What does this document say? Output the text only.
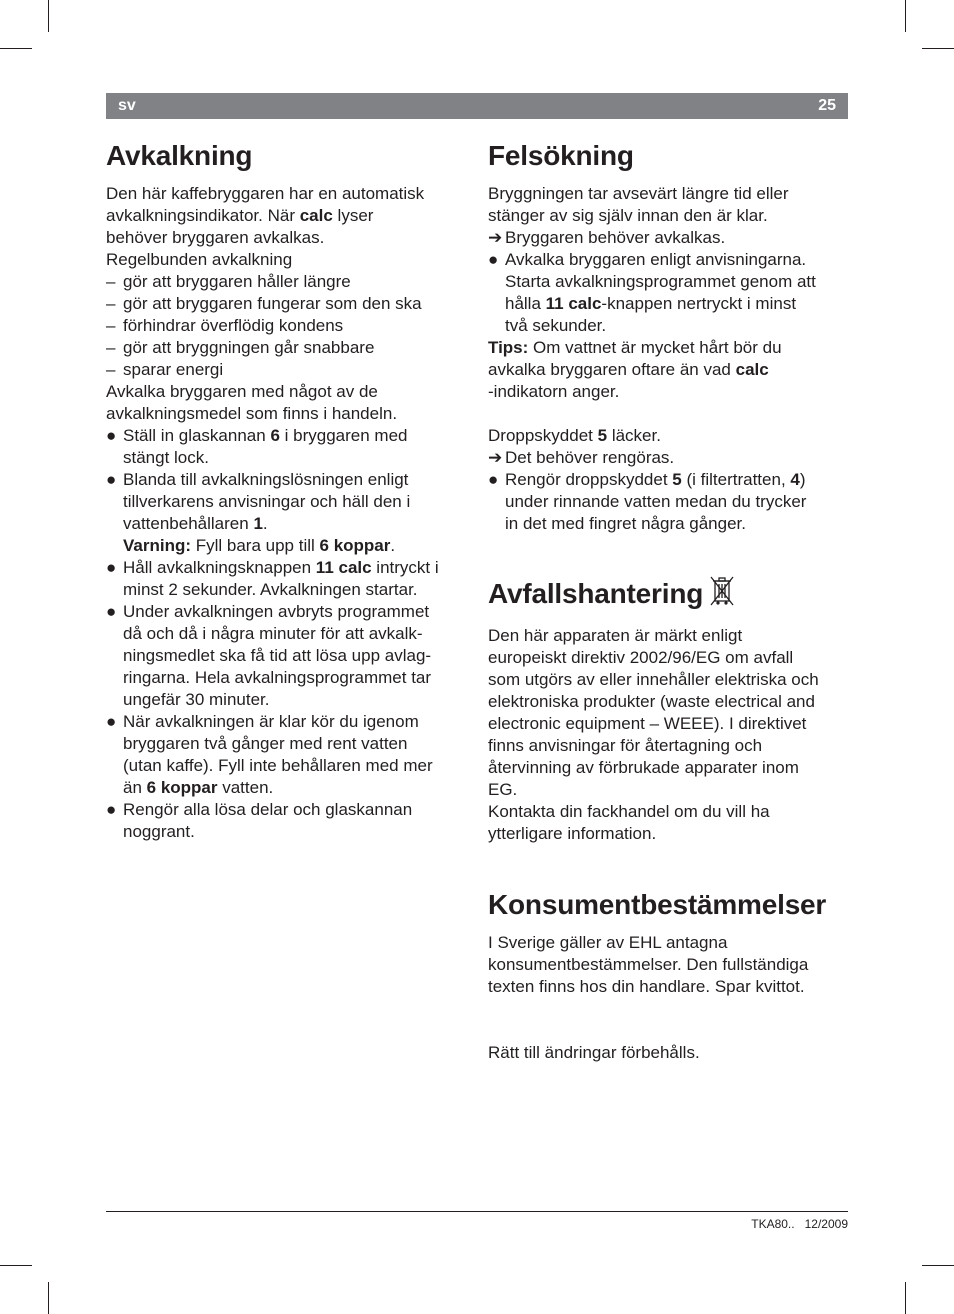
sv	25
Avkalkning

Den här kaffebryggaren har en automatisk

avkalkningsindikator. När calc lyser

behöver bryggaren avkalkas.

Regelbunden avkalkning

– gör att bryggaren håller längre
– gör att bryggaren fungerar som den ska
– förhindrar överflödig kondens
– gör att bryggningen går snabbare
– sparar energi

Avkalka bryggaren med något av de

avkalkningsmedel som finns i handeln.

● Ställ in glaskannan 6 i bryggaren med
stängt lock.
● Blanda till avkalkningslösningen enligt
tillverkarens anvisningar och häll den i
vattenbehållaren 1.
Varning: Fyll bara upp till 6 koppar.
● Håll avkalkningsknappen 11 calc intryckt i
minst 2 sekunder. Avkalkningen startar.
● Under avkalkningen avbryts programmet
då och då i några minuter för att avkalk-
ningsmedlet ska få tid att lösa upp avlag-
ringarna. Hela avkalningsprogrammet tar
ungefär 30 minuter.
● När avkalkningen är klar kör du igenom
bryggaren två gånger med rent vatten
(utan kaffe). Fyll inte behållaren med mer
än 6 koppar vatten.
● Rengör alla lösa delar och glaskannan
noggrant.
Felsökning

Bryggningen tar avsevärt längre tid eller

stänger av sig själv innan den är klar.

➔ Bryggaren behöver avkalkas.
● Avkalka bryggaren enligt anvisningarna.
Starta avkalkningsprogrammet genom att
hålla 11 calc-knappen nertryckt i minst
två sekunder.

Tips: Om vattnet är mycket hårt bör du

avkalka bryggaren oftare än vad calc

-indikatorn anger.

Droppskyddet 5 läcker.

➔ Det behöver rengöras.
● Rengör droppskyddet 5 (i filtertratten, 4)
under rinnande vatten medan du trycker
in det med fingret några gånger.
Avfallshantering

Den här apparaten är märkt enligt

europeiskt direktiv 2002/96/EG om avfall

som utgörs av eller innehåller elektriska och

elektroniska produkter (waste electrical and

electronic equipment – WEEE). I direktivet

finns anvisningar för återtagning och

återvinning av förbrukade apparater inom

EG.

Kontakta din fackhandel om du vill ha

ytterligare information.

Konsumentbestämmelser

I Sverige gäller av EHL antagna

konsumentbestämmelser. Den fullständiga

texten finns hos din handlare. Spar kvittot.

Rätt till ändringar förbehålls.

TKA80.. 12/2009
